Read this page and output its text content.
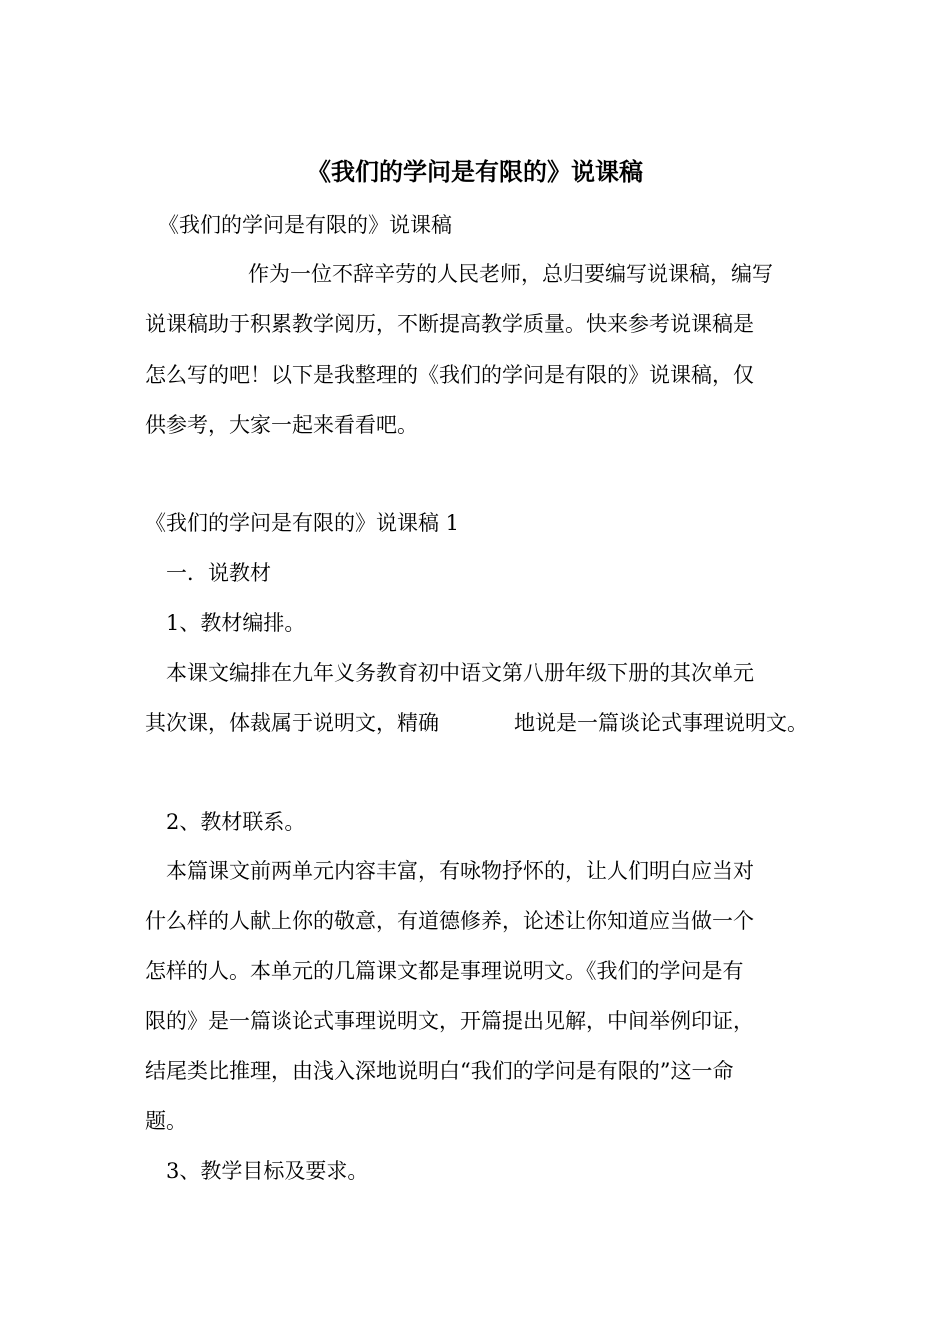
《我们的学问是有限的》说课稿
《我们的学问是有限的》说课稿
作为一位不辞辛劳的人民老师，总归要编写说课稿，编写
说课稿助于积累教学阅历，不断提高教学质量。快来参考说课稿是
怎么写的吧！以下是我整理的《我们的学问是有限的》说课稿，仅
供参考，大家一起来看看吧。
《我们的学问是有限的》说课稿 1
一．说教材
1、教材编排。
本课文编排在九年义务教育初中语文第八册年级下册的其次单元
其次课，体裁属于说明文，精确	地说是一篇谈论式事理说明文。
2、教材联系。
本篇课文前两单元内容丰富，有咏物抒怀的，让人们明白应当对
什么样的人献上你的敬意，有道德修养，论述让你知道应当做一个
怎样的人。本单元的几篇课文都是事理说明文。《我们的学问是有
限的》是一篇谈论式事理说明文，开篇提出见解，中间举例印证，
结尾类比推理，由浅入深地说明白“我们的学问是有限的”这一命
题。
3、教学目标及要求。
